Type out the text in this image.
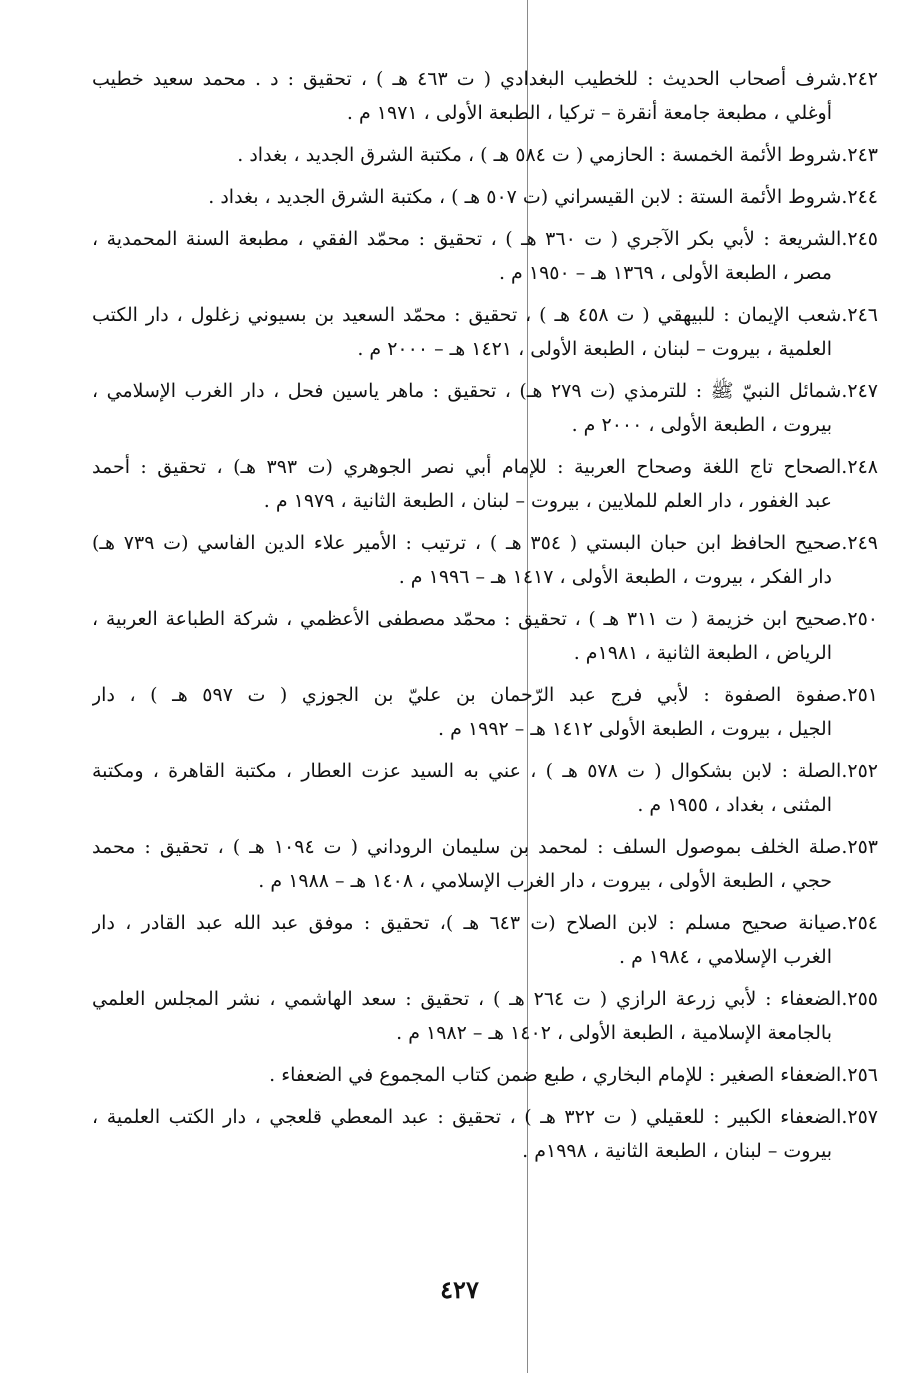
٢٤٢.شرف أصحاب الحديث : للخطيب البغدادي ( ت ٤٦٣ هـ ) ، تحقيق : د . محمد سعيد خطيب
أوغلي ، مطبعة جامعة أنقرة – تركيا ، الطبعة الأولى ، ١٩٧١ م .
٢٤٣.شروط الأئمة الخمسة : الحازمي ( ت ٥٨٤ هـ ) ، مكتبة الشرق الجديد ، بغداد .
٢٤٤.شروط الأئمة الستة : لابن القيسراني (ت ٥٠٧ هـ ) ، مكتبة الشرق الجديد ، بغداد .
٢٤٥.الشريعة : لأبي بكر الآجري ( ت ٣٦٠ هـ ) ، تحقيق : محمّد الفقي ، مطبعة السنة المحمدية ،
مصر ، الطبعة الأولى ، ١٣٦٩ هـ – ١٩٥٠ م .
٢٤٦.شعب الإيمان : للبيهقي ( ت ٤٥٨ هـ ) ، تحقيق : محمّد السعيد بن بسيوني زغلول ، دار الكتب
العلمية ، بيروت – لبنان ، الطبعة الأولى ، ١٤٢١ هـ – ٢٠٠٠ م .
٢٤٧.شمائل النبيّ ﷺ : للترمذي (ت ٢٧٩ هـ) ، تحقيق : ماهر ياسين فحل ، دار الغرب الإسلامي ،
بيروت ، الطبعة الأولى ، ٢٠٠٠ م .
٢٤٨.الصحاح تاج اللغة وصحاح العربية : للإمام أبي نصر الجوهري (ت ٣٩٣ هـ) ، تحقيق : أحمد
عبد الغفور ، دار العلم للملايين ، بيروت – لبنان ، الطبعة الثانية ، ١٩٧٩ م .
٢٤٩.صحيح الحافظ ابن حبان البستي ( ٣٥٤ هـ ) ، ترتيب : الأمير علاء الدين الفاسي (ت ٧٣٩ هـ)
دار الفكر ، بيروت ، الطبعة الأولى ، ١٤١٧ هـ – ١٩٩٦ م .
٢٥٠.صحيح ابن خزيمة ( ت ٣١١ هـ ) ، تحقيق : محمّد مصطفى الأعظمي ، شركة الطباعة العربية ،
الرياض ، الطبعة الثانية ، ١٩٨١م .
٢٥١.صفوة الصفوة : لأبي فرج عبد الرّحمان بن عليّ بن الجوزي ( ت ٥٩٧ هـ ) ، دار
الجيل ، بيروت ، الطبعة الأولى ١٤١٢ هـ – ١٩٩٢ م .
٢٥٢.الصلة : لابن بشكوال ( ت ٥٧٨ هـ ) ، عني به السيد عزت العطار ، مكتبة القاهرة ، ومكتبة
المثنى ، بغداد ، ١٩٥٥ م .
٢٥٣.صلة الخلف بموصول السلف : لمحمد بن سليمان الروداني ( ت ١٠٩٤ هـ ) ، تحقيق : محمد
حجي ، الطبعة الأولى ، بيروت ، دار الغرب الإسلامي ، ١٤٠٨ هـ – ١٩٨٨ م .
٢٥٤.صيانة صحيح مسلم : لابن الصلاح (ت ٦٤٣ هـ )، تحقيق : موفق عبد الله عبد القادر ، دار
الغرب الإسلامي ، ١٩٨٤ م .
٢٥٥.الضعفاء : لأبي زرعة الرازي ( ت ٢٦٤ هـ ) ، تحقيق : سعد الهاشمي ، نشر المجلس العلمي
بالجامعة الإسلامية ، الطبعة الأولى ، ١٤٠٢ هـ – ١٩٨٢ م .
٢٥٦.الضعفاء الصغير : للإمام البخاري ، طبع ضمن كتاب المجموع في الضعفاء .
٢٥٧.الضعفاء الكبير : للعقيلي ( ت ٣٢٢ هـ ) ، تحقيق : عبد المعطي قلعجي ، دار الكتب العلمية ،
بيروت – لبنان ، الطبعة الثانية ، ١٩٩٨م .
٤٢٧
